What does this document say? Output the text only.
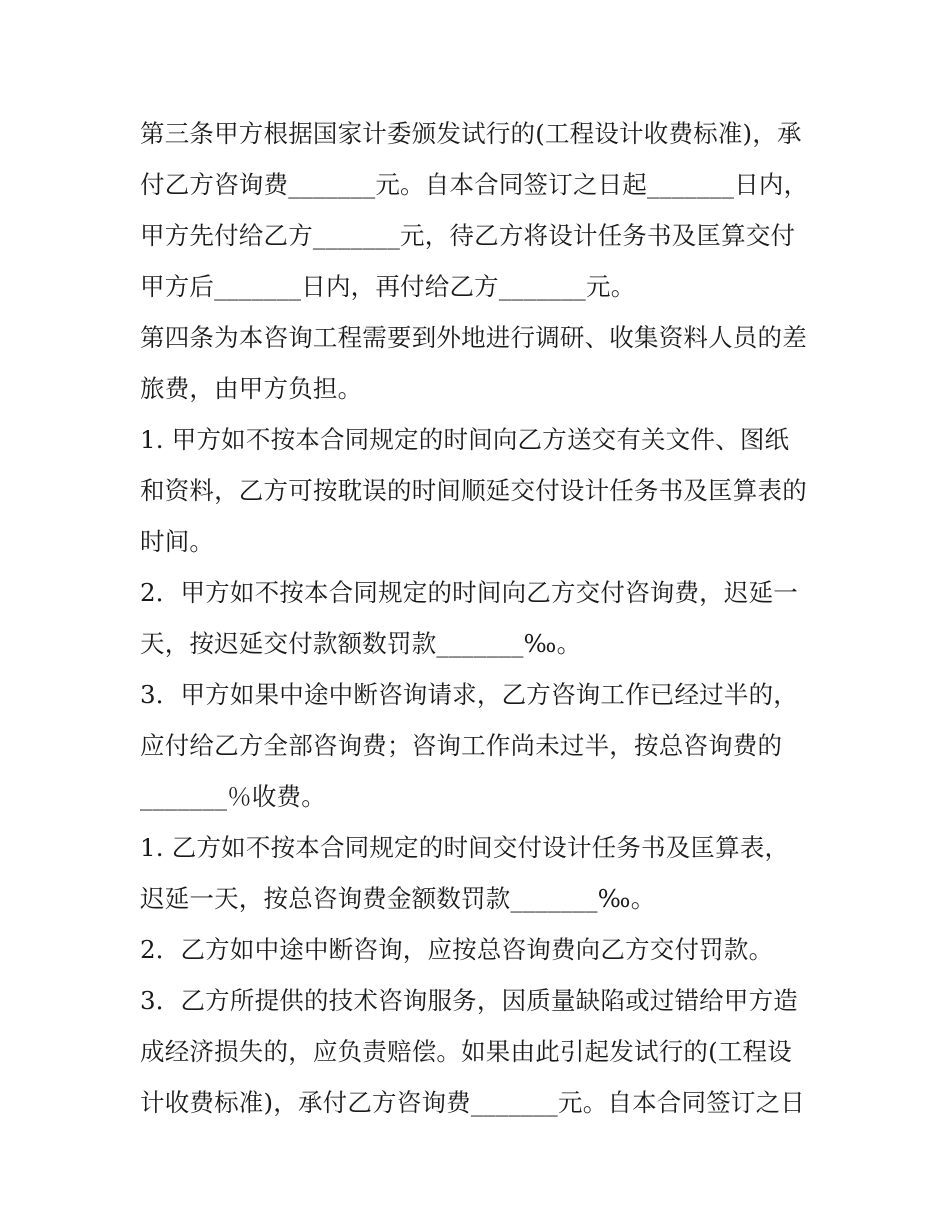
第三条甲方根据国家计委颁发试行的(工程设计收费标准)，承
付乙方咨询费_______元。自本合同签订之日起_______日内，
甲方先付给乙方_______元，待乙方将设计任务书及匡算交付
甲方后_______日内，再付给乙方_______元。

第四条为本咨询工程需要到外地进行调研、收集资料人员的差
旅费，由甲方负担。

1. 甲方如不按本合同规定的时间向乙方送交有关文件、图纸
和资料，乙方可按耽误的时间顺延交付设计任务书及匡算表的
时间。

2．甲方如不按本合同规定的时间向乙方交付咨询费，迟延一
天，按迟延交付款额数罚款_______‰。

3．甲方如果中途中断咨询请求，乙方咨询工作已经过半的，
应付给乙方全部咨询费；咨询工作尚未过半，按总咨询费的
_______％收费。

1. 乙方如不按本合同规定的时间交付设计任务书及匡算表，
迟延一天，按总咨询费金额数罚款_______‰。

2．乙方如中途中断咨询，应按总咨询费向乙方交付罚款。

3．乙方所提供的技术咨询服务，因质量缺陷或过错给甲方造
成经济损失的，应负责赔偿。如果由此引起发试行的(工程设
计收费标准)，承付乙方咨询费_______元。自本合同签订之日
